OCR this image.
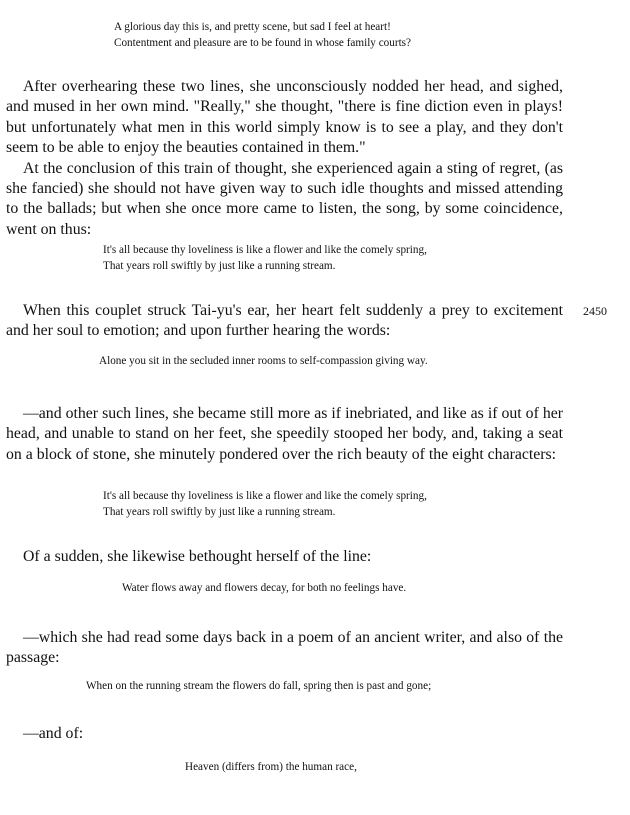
A glorious day this is, and pretty scene, but sad I feel at heart!
Contentment and pleasure are to be found in whose family courts?

After overhearing these two lines, she unconsciously nodded her head, and sighed, and mused in her own mind. "Really," she thought, "there is fine diction even in plays! but unfortunately what men in this world simply know is to see a play, and they don't seem to be able to enjoy the beauties contained in them."

At the conclusion of this train of thought, she experienced again a sting of regret, (as she fancied) she should not have given way to such idle thoughts and missed attending to the ballads; but when she once more came to listen, the song, by some coincidence, went on thus:

It's all because thy loveliness is like a flower and like the comely spring,
That years roll swiftly by just like a running stream.

When this couplet struck Tai-yu's ear, her heart felt suddenly a prey to excitement and her soul to emotion; and upon further hearing the words:

2450
Alone you sit in the secluded inner rooms to self-compassion giving way.

—and other such lines, she became still more as if inebriated, and like as if out of her head, and unable to stand on her feet, she speedily stooped her body, and, taking a seat on a block of stone, she minutely pondered over the rich beauty of the eight characters:

It's all because thy loveliness is like a flower and like the comely spring,
That years roll swiftly by just like a running stream.

Of a sudden, she likewise bethought herself of the line:

Water flows away and flowers decay, for both no feelings have.

—which she had read some days back in a poem of an ancient writer, and also of the passage:

When on the running stream the flowers do fall, spring then is past and gone;

—and of:

Heaven (differs from) the human race,
